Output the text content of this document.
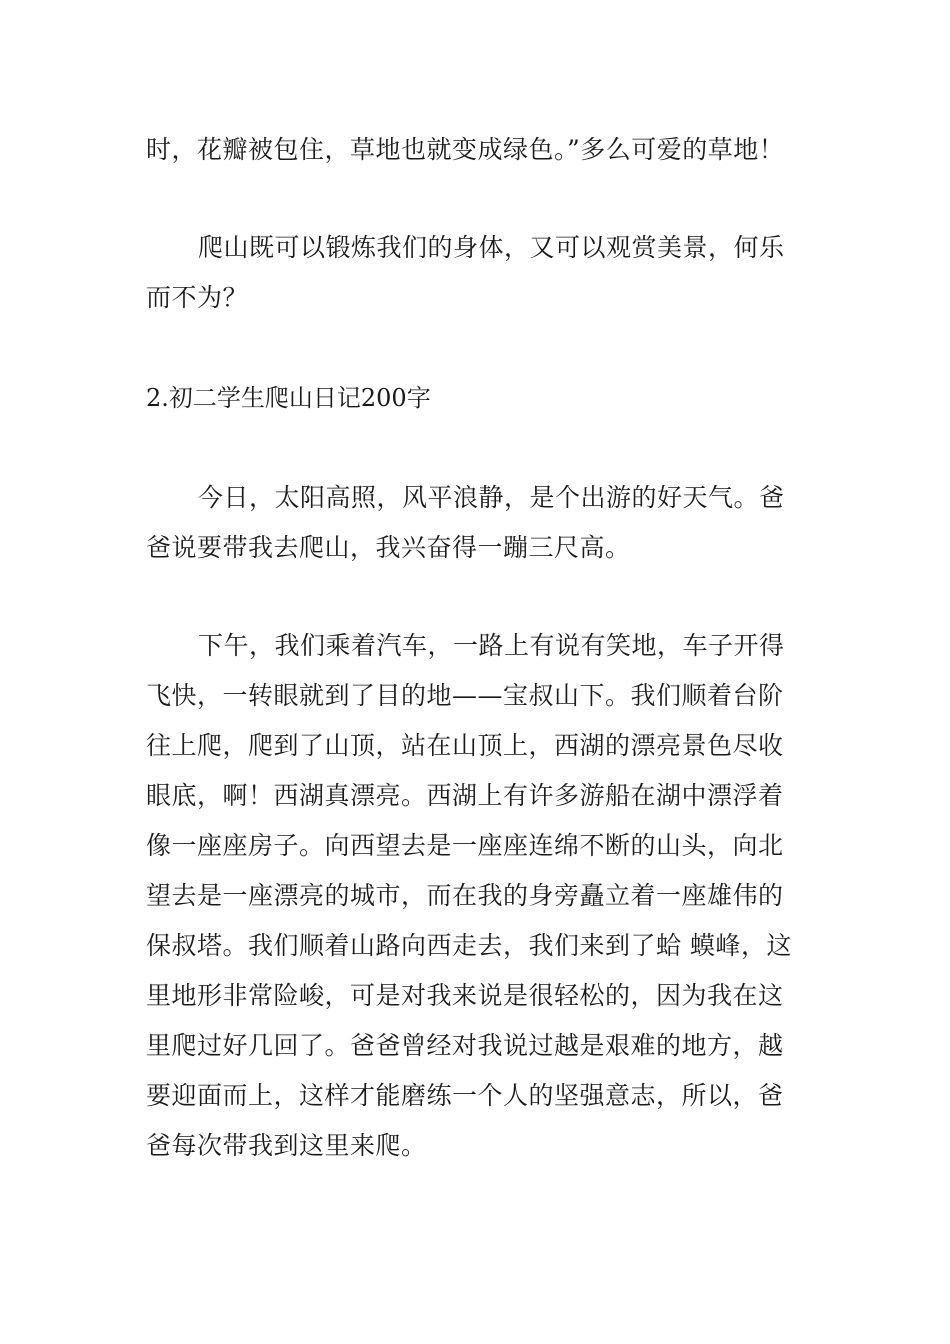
时，花瓣被包住，草地也就变成绿色。”多么可爱的草地！
爬山既可以锻炼我们的身体，又可以观赏美景，何乐
而不为？
2.初二学生爬山日记200字
今日，太阳高照，风平浪静，是个出游的好天气。爸
爸说要带我去爬山，我兴奋得一蹦三尺高。
下午，我们乘着汽车，一路上有说有笑地，车子开得
飞快，一转眼就到了目的地——宝叔山下。我们顺着台阶
往上爬，爬到了山顶，站在山顶上，西湖的漂亮景色尽收
眼底，啊！西湖真漂亮。西湖上有许多游船在湖中漂浮着
像一座座房子。向西望去是一座座连绵不断的山头，向北
望去是一座漂亮的城市，而在我的身旁矗立着一座雄伟的
保叔塔。我们顺着山路向西走去，我们来到了蛤 蟆峰，这
里地形非常险峻，可是对我来说是很轻松的，因为我在这
里爬过好几回了。爸爸曾经对我说过越是艰难的地方，越
要迎面而上，这样才能磨练一个人的坚强意志，所以，爸
爸每次带我到这里来爬。
